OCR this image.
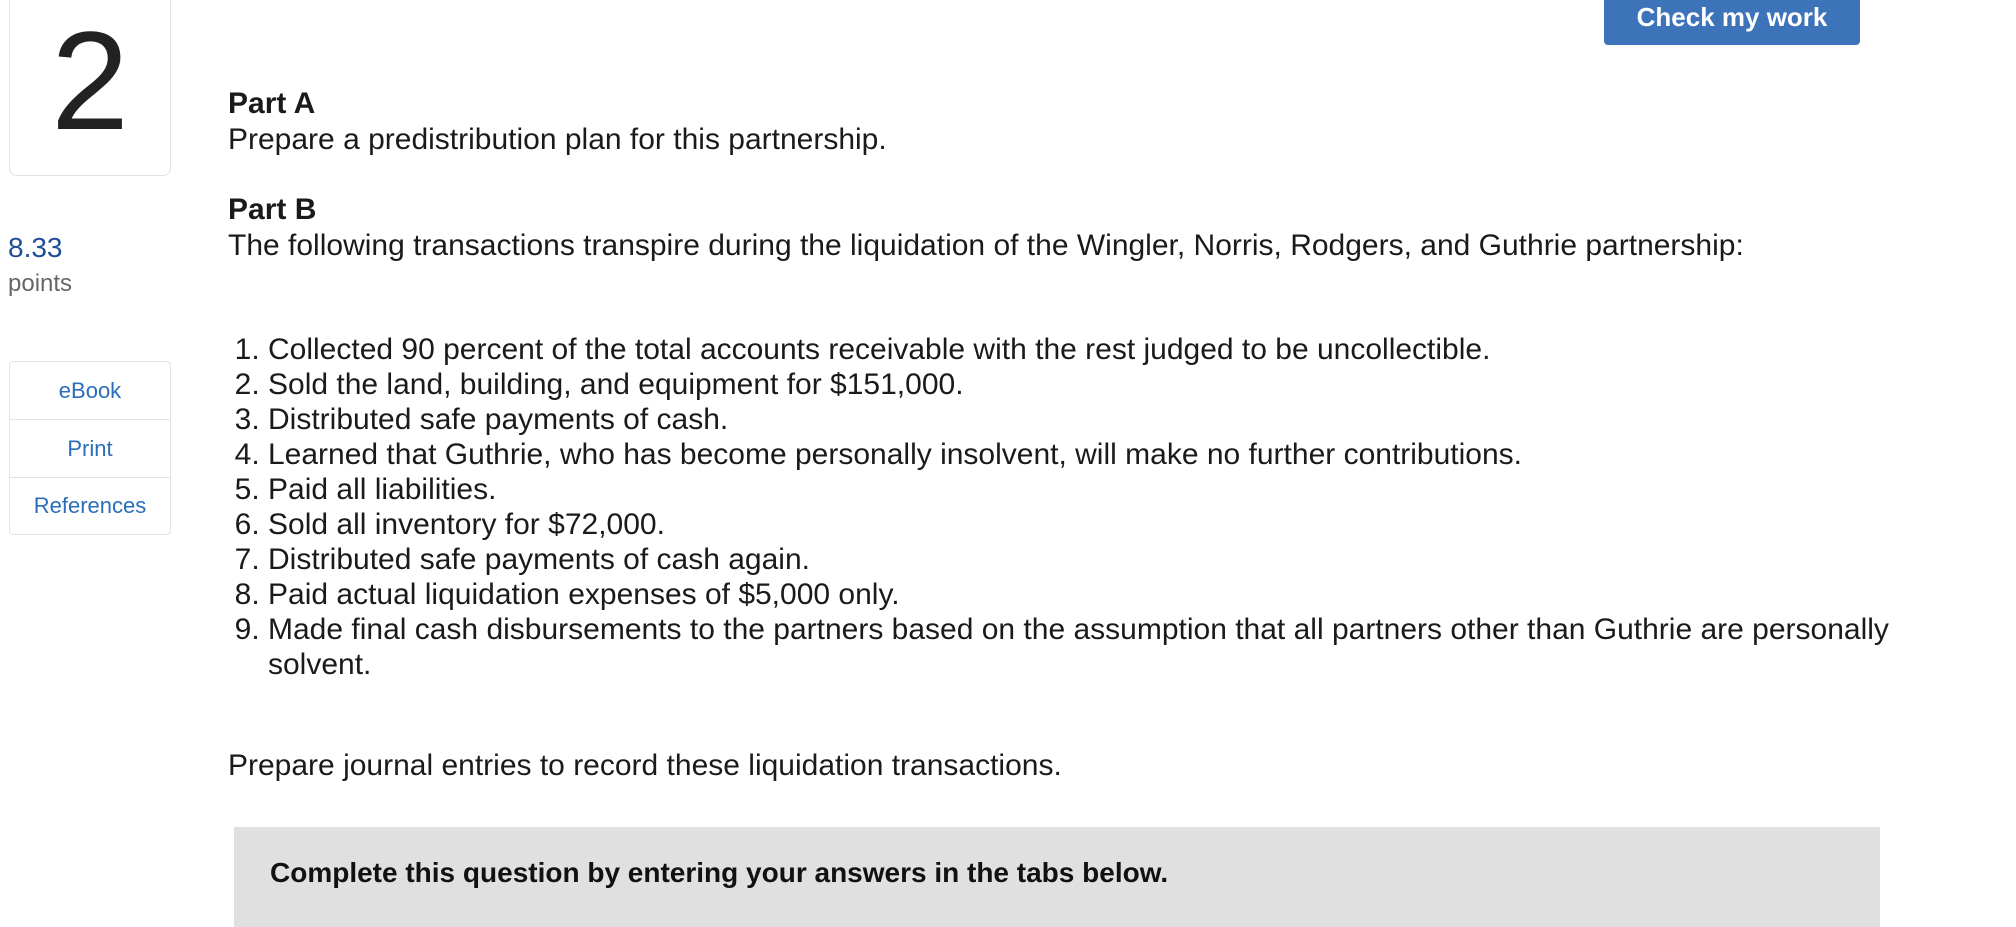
2
8.33
points
eBook
Print
References
Check my work

Part A

Prepare a predistribution plan for this partnership.

Part B

The following transactions transpire during the liquidation of the Wingler, Norris, Rodgers, and Guthrie partnership:

1. Collected 90 percent of the total accounts receivable with the rest judged to be uncollectible.
2. Sold the land, building, and equipment for $151,000.
3. Distributed safe payments of cash.
4. Learned that Guthrie, who has become personally insolvent, will make no further contributions.
5. Paid all liabilities.
6. Sold all inventory for $72,000.
7. Distributed safe payments of cash again.
8. Paid actual liquidation expenses of $5,000 only.
9. Made final cash disbursements to the partners based on the assumption that all partners other than Guthrie are personally solvent.

Prepare journal entries to record these liquidation transactions.

Complete this question by entering your answers in the tabs below.
